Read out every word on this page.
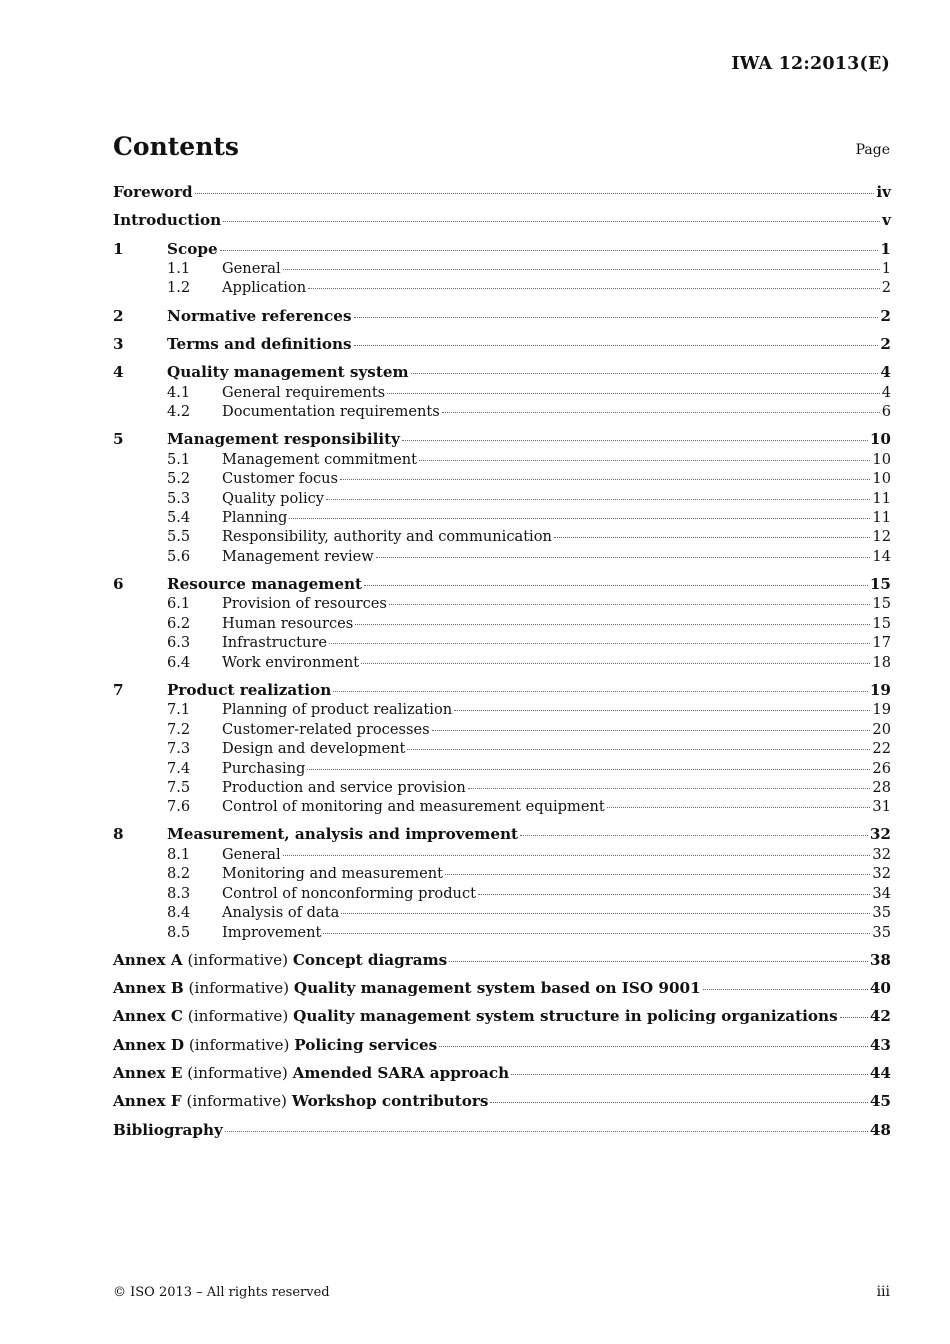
IWA 12:2013(E)
Contents	Page
Foreword	iv
Introduction	v
1	Scope	1
1.1	General	1
1.2	Application	2
2	Normative references	2
3	Terms and definitions	2
4	Quality management system	4
4.1	General requirements	4
4.2	Documentation requirements	6
5	Management responsibility	10
5.1	Management commitment	10
5.2	Customer focus	10
5.3	Quality policy	11
5.4	Planning	11
5.5	Responsibility, authority and communication	12
5.6	Management review	14
6	Resource management	15
6.1	Provision of resources	15
6.2	Human resources	15
6.3	Infrastructure	17
6.4	Work environment	18
7	Product realization	19
7.1	Planning of product realization	19
7.2	Customer-related processes	20
7.3	Design and development	22
7.4	Purchasing	26
7.5	Production and service provision	28
7.6	Control of monitoring and measurement equipment	31
8	Measurement, analysis and improvement	32
8.1	General	32
8.2	Monitoring and measurement	32
8.3	Control of nonconforming product	34
8.4	Analysis of data	35
8.5	Improvement	35
Annex A (informative) Concept diagrams	38
Annex B (informative) Quality management system based on ISO 9001	40
Annex C (informative) Quality management system structure in policing organizations 42
Annex D (informative) Policing services	43
Annex E (informative) Amended SARA approach	44
Annex F (informative) Workshop contributors	45
Bibliography	48
© ISO 2013 – All rights reserved	iii
